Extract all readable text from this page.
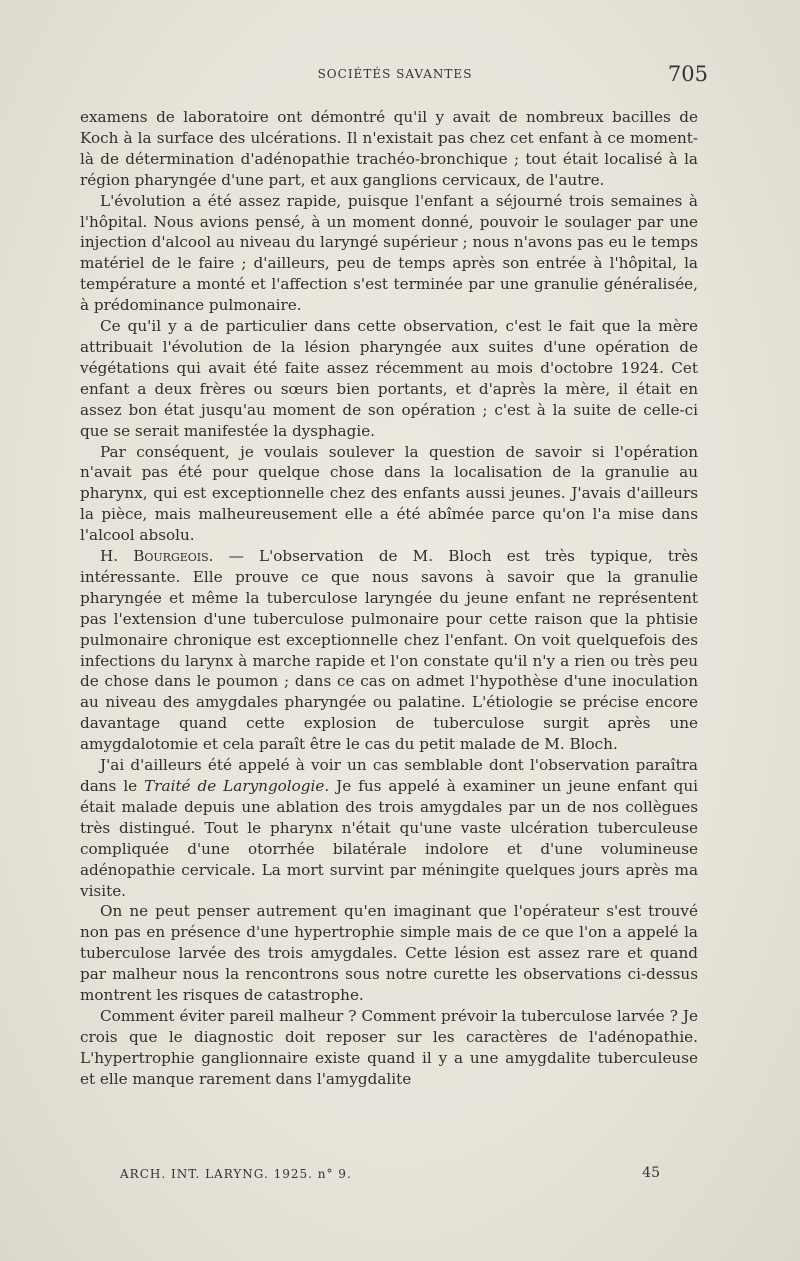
SOCIÉTÉS SAVANTES	705

examens de laboratoire ont démontré qu'il y avait de nombreux bacilles de Koch à la surface des ulcérations. Il n'existait pas chez cet enfant à ce moment-là de détermination d'adénopathie trachéo-bronchique ; tout était localisé à la région pharyngée d'une part, et aux ganglions cervicaux, de l'autre.

L'évolution a été assez rapide, puisque l'enfant a séjourné trois semaines à l'hôpital. Nous avions pensé, à un moment donné, pouvoir le soulager par une injection d'alcool au niveau du laryngé supérieur ; nous n'avons pas eu le temps matériel de le faire ; d'ailleurs, peu de temps après son entrée à l'hôpital, la température a monté et l'affection s'est terminée par une granulie généralisée, à prédominance pulmonaire.

Ce qu'il y a de particulier dans cette observation, c'est le fait que la mère attribuait l'évolution de la lésion pharyngée aux suites d'une opération de végétations qui avait été faite assez récemment au mois d'octobre 1924. Cet enfant a deux frères ou sœurs bien portants, et d'après la mère, il était en assez bon état jusqu'au moment de son opération ; c'est à la suite de celle-ci que se serait manifestée la dysphagie.

Par conséquent, je voulais soulever la question de savoir si l'opération n'avait pas été pour quelque chose dans la localisation de la granulie au pharynx, qui est exceptionnelle chez des enfants aussi jeunes. J'avais d'ailleurs la pièce, mais malheureusement elle a été abîmée parce qu'on l'a mise dans l'alcool absolu.

H. Bourgeois. — L'observation de M. Bloch est très typique, très intéressante. Elle prouve ce que nous savons à savoir que la granulie pharyngée et même la tuberculose laryngée du jeune enfant ne représentent pas l'extension d'une tuberculose pulmonaire pour cette raison que la phtisie pulmonaire chronique est exceptionnelle chez l'enfant. On voit quelquefois des infections du larynx à marche rapide et l'on constate qu'il n'y a rien ou très peu de chose dans le poumon ; dans ce cas on admet l'hypothèse d'une inoculation au niveau des amygdales pharyngée ou palatine. L'étiologie se précise encore davantage quand cette explosion de tuberculose surgit après une amygdalotomie et cela paraît être le cas du petit malade de M. Bloch.

J'ai d'ailleurs été appelé à voir un cas semblable dont l'observation paraîtra dans le Traité de Laryngologie. Je fus appelé à examiner un jeune enfant qui était malade depuis une ablation des trois amygdales par un de nos collègues très distingué. Tout le pharynx n'était qu'une vaste ulcération tuberculeuse compliquée d'une otorrhée bilatérale indolore et d'une volumineuse adénopathie cervicale. La mort survint par méningite quelques jours après ma visite.

On ne peut penser autrement qu'en imaginant que l'opérateur s'est trouvé non pas en présence d'une hypertrophie simple mais de ce que l'on a appelé la tuberculose larvée des trois amygdales. Cette lésion est assez rare et quand par malheur nous la rencontrons sous notre curette les observations ci-dessus montrent les risques de catastrophe.

Comment éviter pareil malheur ? Comment prévoir la tuberculose larvée ? Je crois que le diagnostic doit reposer sur les caractères de l'adénopathie. L'hypertrophie ganglionnaire existe quand il y a une amygdalite tuberculeuse et elle manque rarement dans l'amygdalite

ARCH. INT. LARYNG. 1925. n° 9.	45
